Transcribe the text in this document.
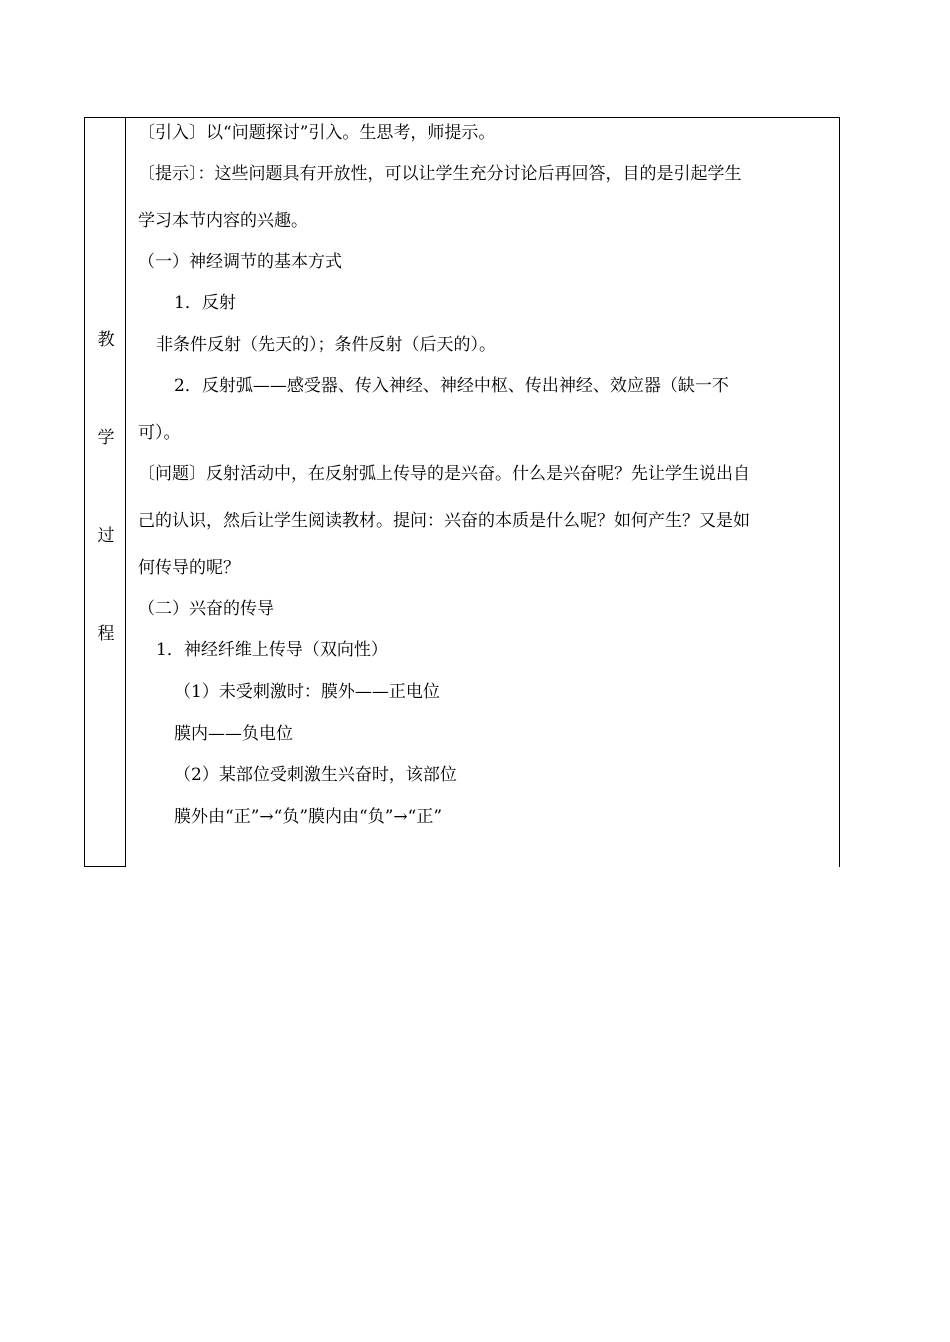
教
学
过
程
〔引入〕以“问题探讨”引入。生思考，师提示。
〔提示〕：这些问题具有开放性，可以让学生充分讨论后再回答，目的是引起学生
学习本节内容的兴趣。
（一）神经调节的基本方式
1．反射
非条件反射（先天的）；条件反射（后天的）。
2．反射弧——感受器、传入神经、神经中枢、传出神经、效应器（缺一不
可）。
〔问题〕反射活动中，在反射弧上传导的是兴奋。什么是兴奋呢？先让学生说出自
己的认识，然后让学生阅读教材。提问：兴奋的本质是什么呢？如何产生？又是如
何传导的呢？
（二）兴奋的传导
1．神经纤维上传导（双向性）
（1）未受刺激时：膜外——正电位
膜内——负电位
（2）某部位受刺激生兴奋时，该部位
膜外由“正”→“负”膜内由“负”→“正”
